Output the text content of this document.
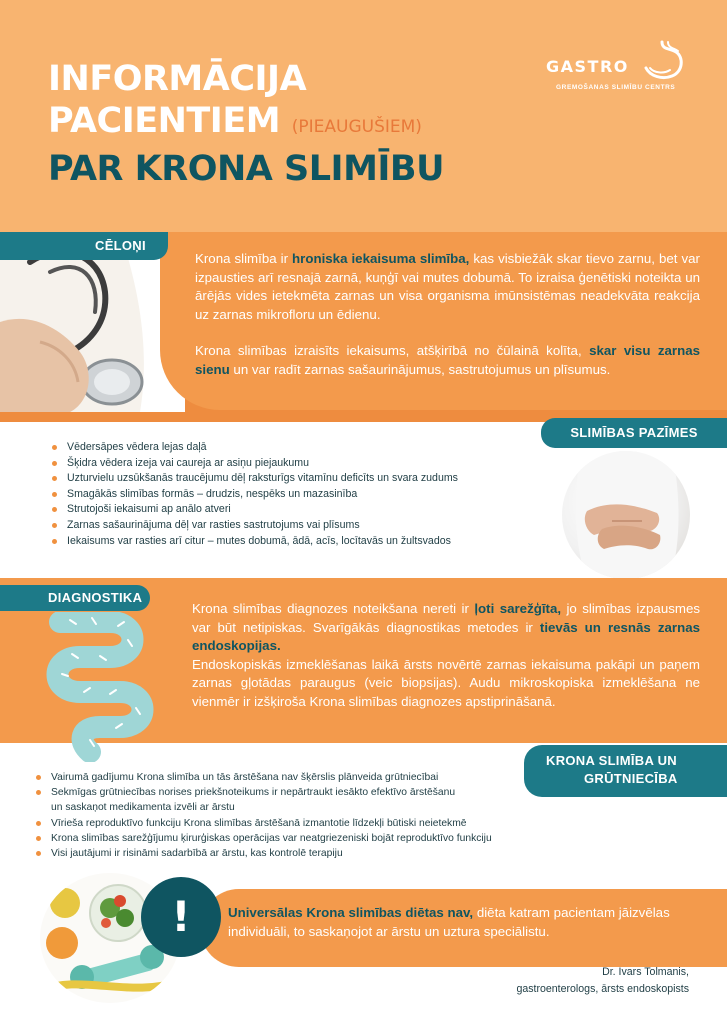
INFORMĀCIJA
PACIENTIEM (PIEAUGUŠIEM)
PAR KRONA SLIMĪBU
GASTRO
GREMOŠANAS SLIMĪBU CENTRS

Krona slimība ir hroniska iekaisuma slimība, kas visbiežāk skar tievo zarnu, bet var izpausties arī resnajā zarnā, kuņģī vai mutes dobumā. To izraisa ģenētiski noteikta un ārējās vides ietekmēta zarnas un visa organisma imūnsistēmas neadekvāta reakcija uz zarnas mikrofloru un ēdienu.

Krona slimības izraisīts iekaisums, atšķirībā no čūlainā kolīta, skar visu zarnas sienu un var radīt zarnas sašaurinājumus, sastrutojumus un plīsumus.

CĒLOŅI
SLIMĪBAS PAZĪMES
Vēdersāpes vēdera lejas daļā
Šķidra vēdera izeja vai caureja ar asiņu piejaukumu
Uzturvielu uzsūkšanās traucējumu dēļ raksturīgs vitamīnu deficīts un svara zudums
Smagākās slimības formās – drudzis, nespēks un mazasinība
Strutojoši iekaisumi ap anālo atveri
Zarnas sašaurinājuma dēļ var rasties sastrutojums vai plīsums
Iekaisums var rasties arī citur – mutes dobumā, ādā, acīs, locītavās un žultsvados
DIAGNOSTIKA

Krona slimības diagnozes noteikšana nereti ir ļoti sarežģīta, jo slimības izpausmes var būt netipiskas. Svarīgākās diagnostikas metodes ir tievās un resnās zarnas endoskopijas.

Endoskopiskās izmeklēšanas laikā ārsts novērtē zarnas iekaisuma pakāpi un paņem zarnas gļotādas paraugus (veic biopsijas). Audu mikroskopiska izmeklēšana ne vienmēr ir izšķiroša Krona slimības diagnozes apstiprināšanā.

KRONA SLIMĪBA UN
GRŪTNIECĪBA
Vairumā gadījumu Krona slimība un tās ārstēšana nav šķērslis plānveida grūtniecībai
Sekmīgas grūtniecības norises priekšnoteikums ir nepārtraukt iesākto efektīvo ārstēšanu
un saskaņot medikamenta izvēli ar ārstu
Vīrieša reproduktīvo funkciju Krona slimības ārstēšanā izmantotie līdzekļi būtiski neietekmē
Krona slimības sarežģījumu ķirurģiskas operācijas var neatgriezeniski bojāt reproduktīvo funkciju
Visi jautājumi ir risināmi sadarbībā ar ārstu, kas kontrolē terapiju
!	Universālas Krona slimības diētas nav, diēta katram pacientam jāizvēlas individuāli, to saskaņojot ar ārstu un uztura speciālistu.
Dr. Ivars Tolmanis,
gastroenterologs, ārsts endoskopists
